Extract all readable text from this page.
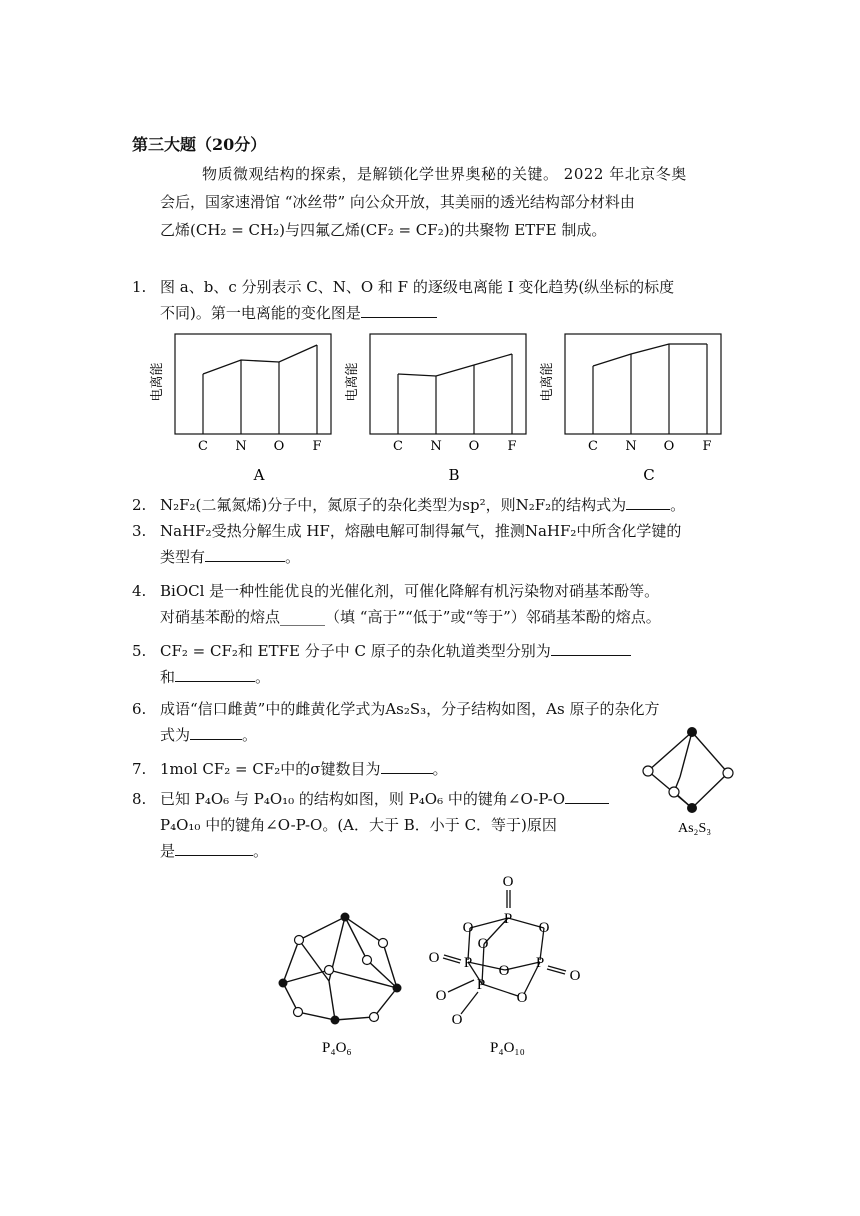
第三大题（20分）

物质微观结构的探索，是解锁化学世界奥秘的关键。 2022 年北京冬奥

会后，国家速滑馆 “冰丝带” 向公众开放，其美丽的透光结构部分材料由
乙烯(CH₂ = CH₂)与四氟乙烯(CF₂ = CF₂)的共聚物 ETFE 制成。
1. 图 a、b、c 分别表示 C、N、O 和 F 的逐级电离能 I 变化趋势(纵坐标的标度
不同)。第一电离能的变化图是
电离能
C N O F
A
电离能
C N O F
B
电离能
C N O F
C
2. N₂F₂(二氟氮烯)分子中，氮原子的杂化类型为sp²，则N₂F₂的结构式为	。
3. NaHF₂受热分解生成 HF，熔融电解可制得氟气，推测NaHF₂中所含化学键的
类型有	。
4. BiOCl 是一种性能优良的光催化剂，可催化降解有机污染物对硝基苯酚等。
对硝基苯酚的熔点______（填 “高于”“低于”或“等于”）邻硝基苯酚的熔点。
5. CF₂ = CF₂和 ETFE 分子中 C 原子的杂化轨道类型分别为
和	。
6. 成语“信口雌黄”中的雌黄化学式为As₂S₃，分子结构如图，As 原子的杂化方
式为	。
7. 1mol CF₂ = CF₂中的σ键数目为	。
8. 已知 P₄O₆ 与 P₄O₁₀ 的结构如图，则 P₄O₆ 中的键角∠O-P-O
P₄O₁₀ 中的键角∠O-P-O。(A．大于 B．小于 C．等于)原因
是	。
As₂S₃
P₄O₆
O
P
O
O
O
O P O P
O
P
O	O
O
P₄O₁₀
